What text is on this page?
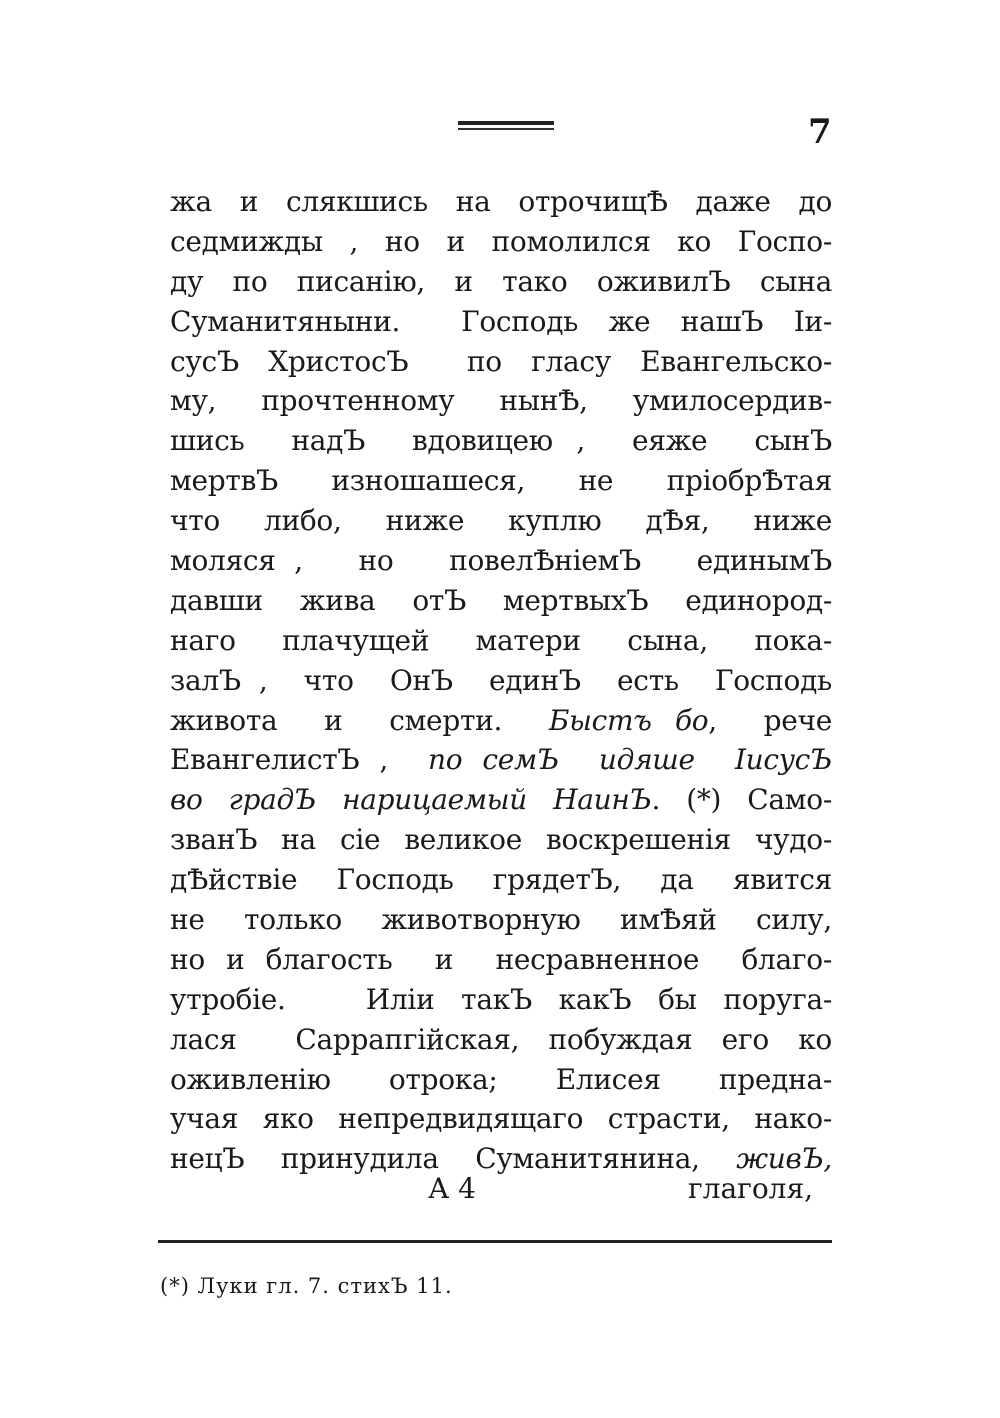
7
жа и слякшись на отрочищѢ даже до
седмижды , но и помолился ко Госпо-
ду по писанію, и тако оживилЪ сына
Суманитяныни.  Господь же нашЪ Іи-
сусЪ ХристосЪ  по гласу Евангельско-
му, прочтенному нынѢ, умилосердив-
шись  надЪ  вдовицею ,  еяже  сынЪ
мертвЪ  изношашеся,  не  пріобрѢтая
что  либо,  ниже  куплю  дѢя,  ниже
моляся ,   но   повелѢніемЪ   единымЪ
давши жива отЪ мертвыхЪ единород-
наго  плачущей  матери  сына,  пока-
залЪ ,  что  ОнЪ  единЪ  есть  Господь
живота  и  смерти.  Быстъ бо,  рече
ЕвангелистЪ ,  по семЪ  идяше  ІисусЪ
во градЪ нарицаемый НаинЪ. (*) Само-
званЪ на сіе великое воскрешенія чудо-
дѢйствіе Господь грядетЪ, да явится
не только животворную имѢяй силу,
но и благость  и  несравненное  благо-
утробіе.   Иліи такЪ какЪ бы поруга-
лася  Саррапгійская, побуждая его ко
оживленію  отрока;  Елисея  предна-
учая яко непредвидящаго страсти, нако-
нецЪ принудила Суманитянина, живЪ,
А 4	глаголя,
(*) Луки гл. 7. стихЪ 11.
